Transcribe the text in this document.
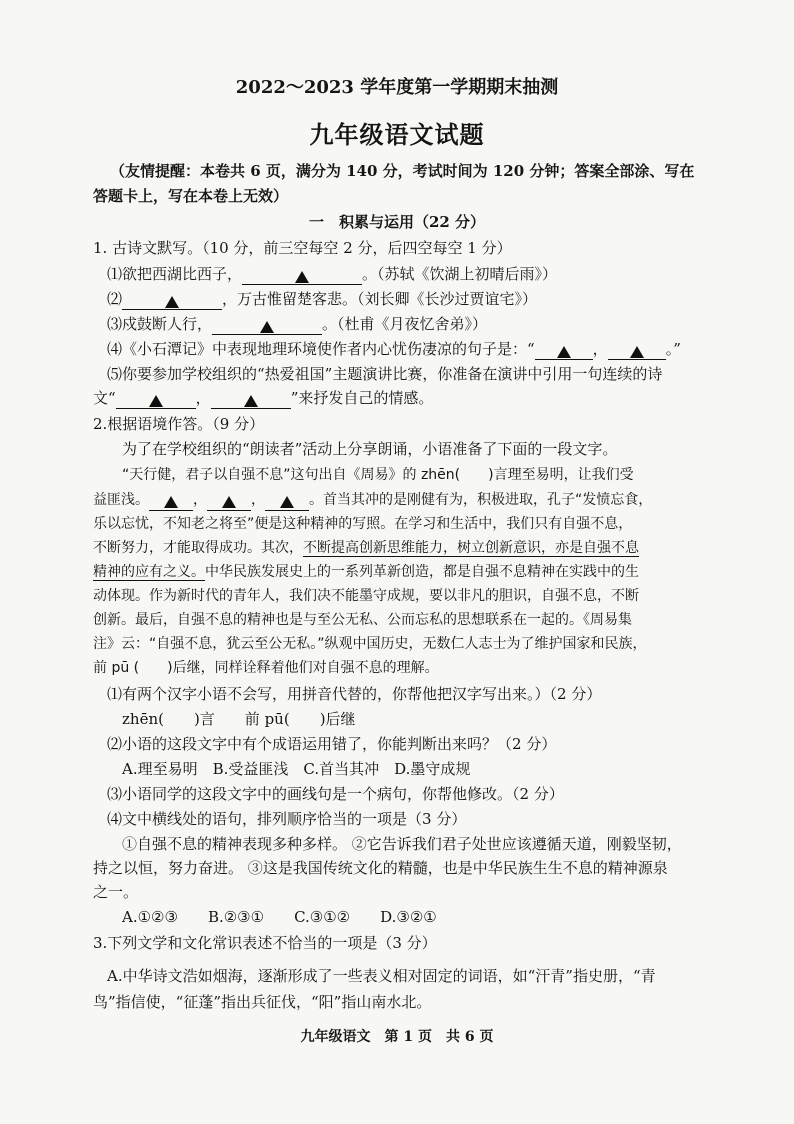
2022～2023 学年度第一学期期末抽测
九年级语文试题
（友情提醒：本卷共 6 页，满分为 140 分，考试时间为 120 分钟；答案全部涂、写在
答题卡上，写在本卷上无效）
一　积累与运用（22 分）
1. 古诗文默写。（10 分，前三空每空 2 分，后四空每空 1 分）
⑴欲把西湖比西子，	。（苏轼《饮湖上初晴后雨》）
⑵	，万古惟留楚客悲。（刘长卿《长沙过贾谊宅》）
⑶戍鼓断人行，	。（杜甫《月夜忆舍弟》）
⑷《小石潭记》中表现地理环境使作者内心忧伤凄凉的句子是：“	，	。”
⑸你要参加学校组织的“热爱祖国”主题演讲比赛，你准备在演讲中引用一句连续的诗
文“	，	”来抒发自己的情感。
2.根据语境作答。（9 分）
为了在学校组织的“朗读者”活动上分享朗诵，小语准备了下面的一段文字。
“天行健，君子以自强不息”这句出自《周易》的 zhēn(　　)言理至易明，让我们受
益匪浅。	，	，	。首当其冲的是刚健有为，积极进取，孔子“发愤忘食，
乐以忘忧，不知老之将至”便是这种精神的写照。在学习和生活中，我们只有自强不息，
不断努力，才能取得成功。其次，不断提高创新思维能力，树立创新意识，亦是自强不息
精神的应有之义。中华民族发展史上的一系列革新创造，都是自强不息精神在实践中的生
动体现。作为新时代的青年人，我们决不能墨守成规，要以非凡的胆识，自强不息，不断
创新。最后，自强不息的精神也是与至公无私、公而忘私的思想联系在一起的。《周易集
注》云：“自强不息，犹云至公无私。”纵观中国历史，无数仁人志士为了维护国家和民族，
前 pū (　　)后继，同样诠释着他们对自强不息的理解。
⑴有两个汉字小语不会写，用拼音代替的，你帮他把汉字写出来。）（2 分）
zhēn(　　)言　　前 pū(　　)后继
⑵小语的这段文字中有个成语运用错了，你能判断出来吗？（2 分）
A.理至易明　B.受益匪浅　C.首当其冲　D.墨守成规
⑶小语同学的这段文字中的画线句是一个病句，你帮他修改。（2 分）
⑷文中横线处的语句，排列顺序恰当的一项是（3 分）
①自强不息的精神表现多种多样。 ②它告诉我们君子处世应该遵循天道，刚毅坚韧，
持之以恒，努力奋进。 ③这是我国传统文化的精髓，也是中华民族生生不息的精神源泉
之一。
A.①②③　　B.②③①　　C.③①②　　D.③②①
3.下列文学和文化常识表述不恰当的一项是（3 分）
A.中华诗文浩如烟海，逐渐形成了一些表义相对固定的词语，如“汗青”指史册，“青
鸟”指信使，“征蓬”指出兵征伐，“阳”指山南水北。
九年级语文　第 1 页　共 6 页
